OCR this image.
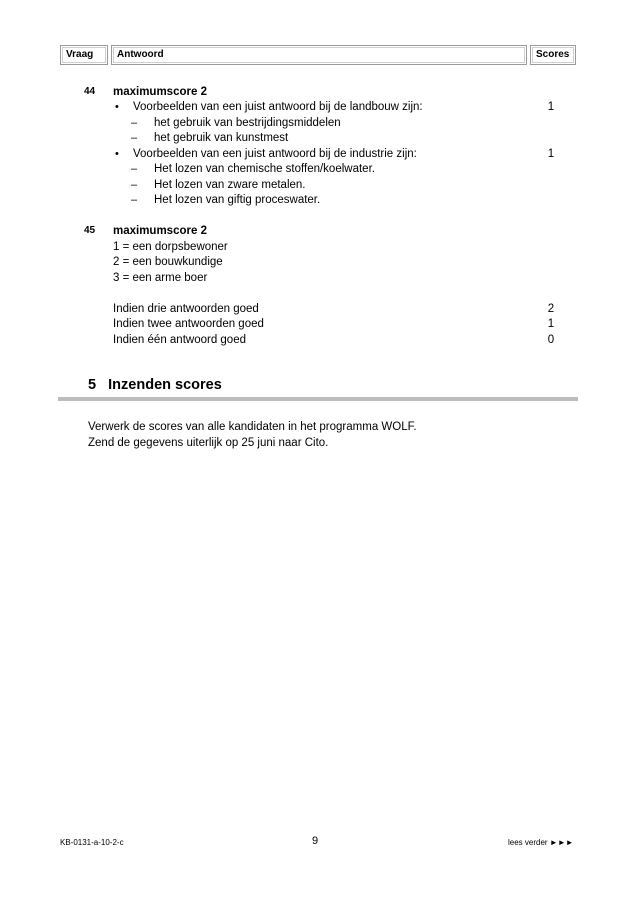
Vraag	Antwoord	Scores
44 maximumscore 2
• Voorbeelden van een juist antwoord bij de landbouw zijn:	1
– het gebruik van bestrijdingsmiddelen
– het gebruik van kunstmest
• Voorbeelden van een juist antwoord bij de industrie zijn:	1
– Het lozen van chemische stoffen/koelwater.
– Het lozen van zware metalen.
– Het lozen van giftig proceswater.
45 maximumscore 2
1 = een dorpsbewoner
2 = een bouwkundige
3 = een arme boer
Indien drie antwoorden goed	2
Indien twee antwoorden goed	1
Indien één antwoord goed	0
5   Inzenden scores
Verwerk de scores van alle kandidaten in het programma WOLF.
Zend de gegevens uiterlijk op 25 juni naar Cito.
KB-0131-a-10-2-c	9	lees verder ►►►
